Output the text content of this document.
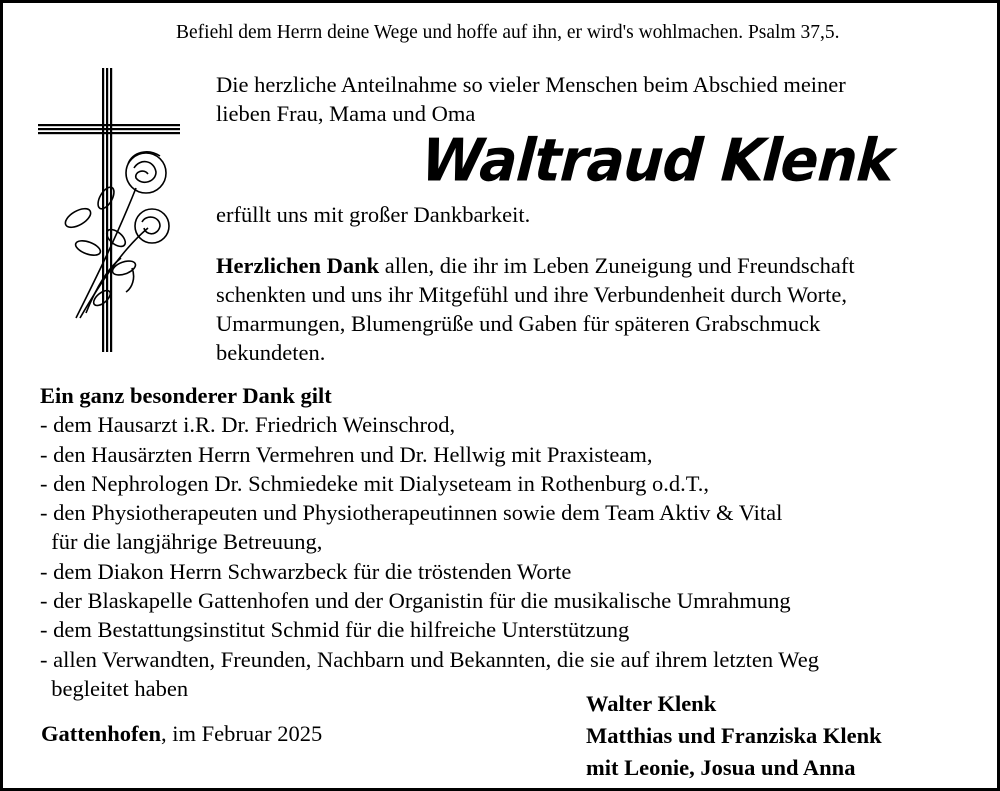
Befiehl dem Herrn deine Wege und hoffe auf ihn, er wird's wohlmachen. Psalm 37,5.
Die herzliche Anteilnahme so vieler Menschen beim Abschied meiner
lieben Frau, Mama und Oma
Waltraud Klenk
erfüllt uns mit großer Dankbarkeit.
Herzlichen Dank allen, die ihr im Leben Zuneigung und Freundschaft
schenkten und uns ihr Mitgefühl und ihre Verbundenheit durch Worte,
Umarmungen, Blumengrüße und Gaben für späteren Grabschmuck
bekundeten.
Ein ganz besonderer Dank gilt
- dem Hausarzt i.R. Dr. Friedrich Weinschrod,
- den Hausärzten Herrn Vermehren und Dr. Hellwig mit Praxisteam,
- den Nephrologen Dr. Schmiedeke mit Dialyseteam in Rothenburg o.d.T.,
- den Physiotherapeuten und Physiotherapeutinnen sowie dem Team Aktiv & Vital
für die langjährige Betreuung,
- dem Diakon Herrn Schwarzbeck für die tröstenden Worte
- der Blaskapelle Gattenhofen und der Organistin für die musikalische Umrahmung
- dem Bestattungsinstitut Schmid für die hilfreiche Unterstützung
- allen Verwandten, Freunden, Nachbarn und Bekannten, die sie auf ihrem letzten Weg
begleitet haben
Gattenhofen, im Februar 2025
Walter Klenk
Matthias und Franziska Klenk
mit Leonie, Josua und Anna
